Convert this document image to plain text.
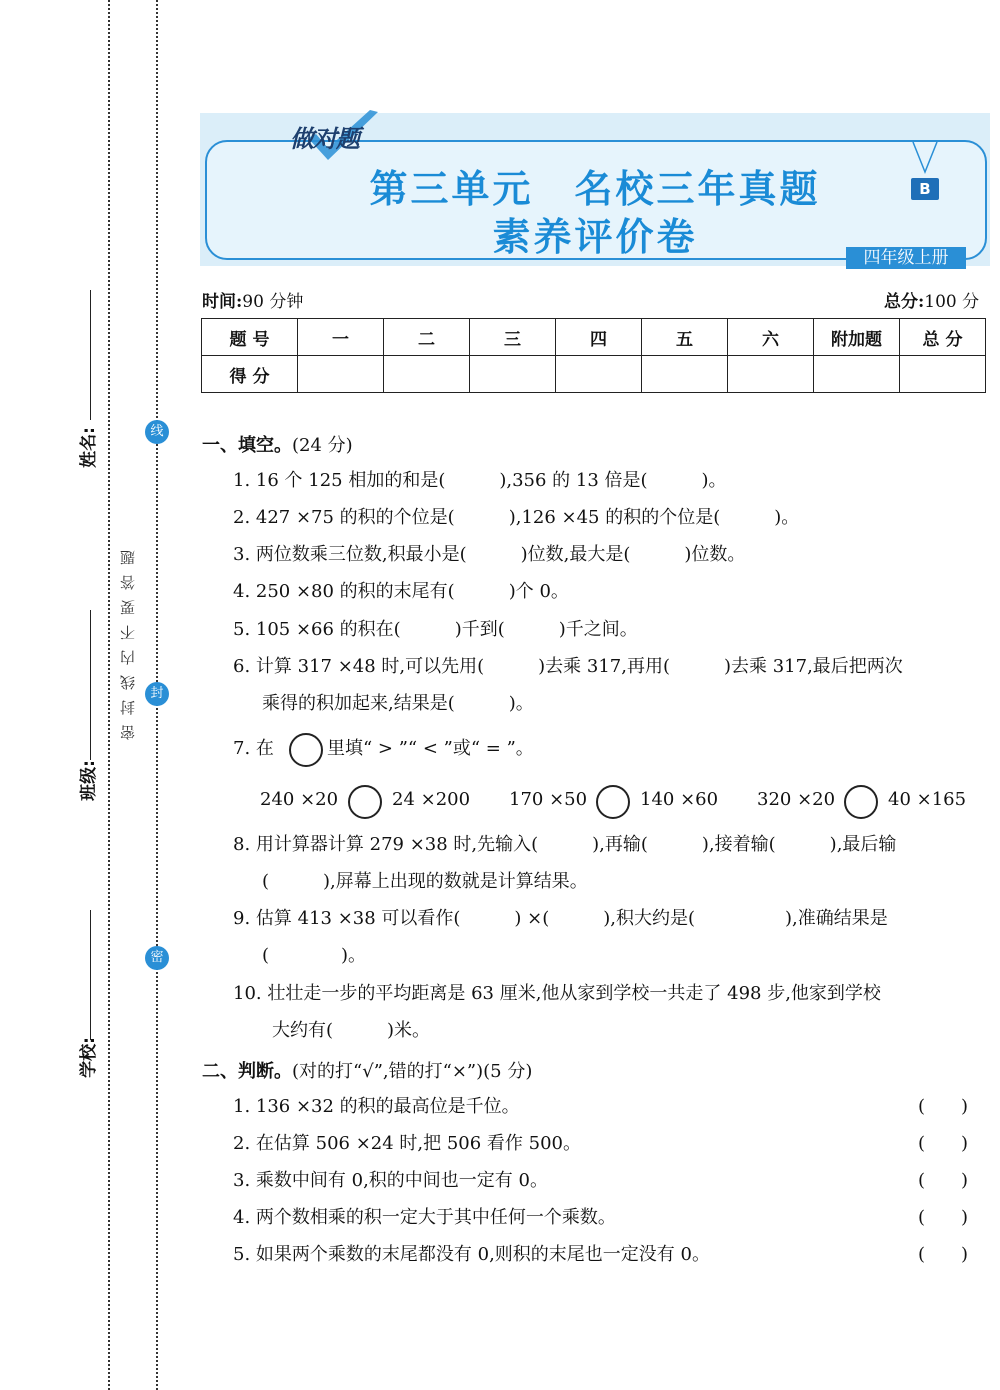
姓名:
班级:
学校:
密封线内不要答题
线
封
密
做对题
第三单元　名校三年真题
素养评价卷
B
四年级上册
时间:90 分钟	总分:100 分
题 号	一	二	三	四	五	六	附加题	总 分
得 分								
一、填空。(24 分)
1. 16 个 125 相加的和是(　　　),356 的 13 倍是(　　　)。
2. 427 ×75 的积的个位是(　　　),126 ×45 的积的个位是(　　　)。
3. 两位数乘三位数,积最小是(　　　)位数,最大是(　　　)位数。
4. 250 ×80 的积的末尾有(　　　)个 0。
5. 105 ×66 的积在(　　　)千到(　　　)千之间。
6. 计算 317 ×48 时,可以先用(　　　)去乘 317,再用(　　　)去乘 317,最后把两次
乘得的积加起来,结果是(　　　)。
7. 在	里填“ > ”“ < ”或“ = ”。
240 ×20	24 ×200 170 ×50	140 ×60 320 ×20	40 ×165
8. 用计算器计算 279 ×38 时,先输入(　　　),再输(　　　),接着输(　　　),最后输
(　　　),屏幕上出现的数就是计算结果。
9. 估算 413 ×38 可以看作(　　　) ×(　　　),积大约是(　　　　　),准确结果是
(　　　　)。
10. 壮壮走一步的平均距离是 63 厘米,他从家到学校一共走了 498 步,他家到学校
大约有(　　　)米。
二、判断。(对的打“√”,错的打“×”)(5 分)
1. 136 ×32 的积的最高位是千位。	(　　)
2. 在估算 506 ×24 时,把 506 看作 500。	(　　)
3. 乘数中间有 0,积的中间也一定有 0。	(　　)
4. 两个数相乘的积一定大于其中任何一个乘数。	(　　)
5. 如果两个乘数的末尾都没有 0,则积的末尾也一定没有 0。	(　　)
